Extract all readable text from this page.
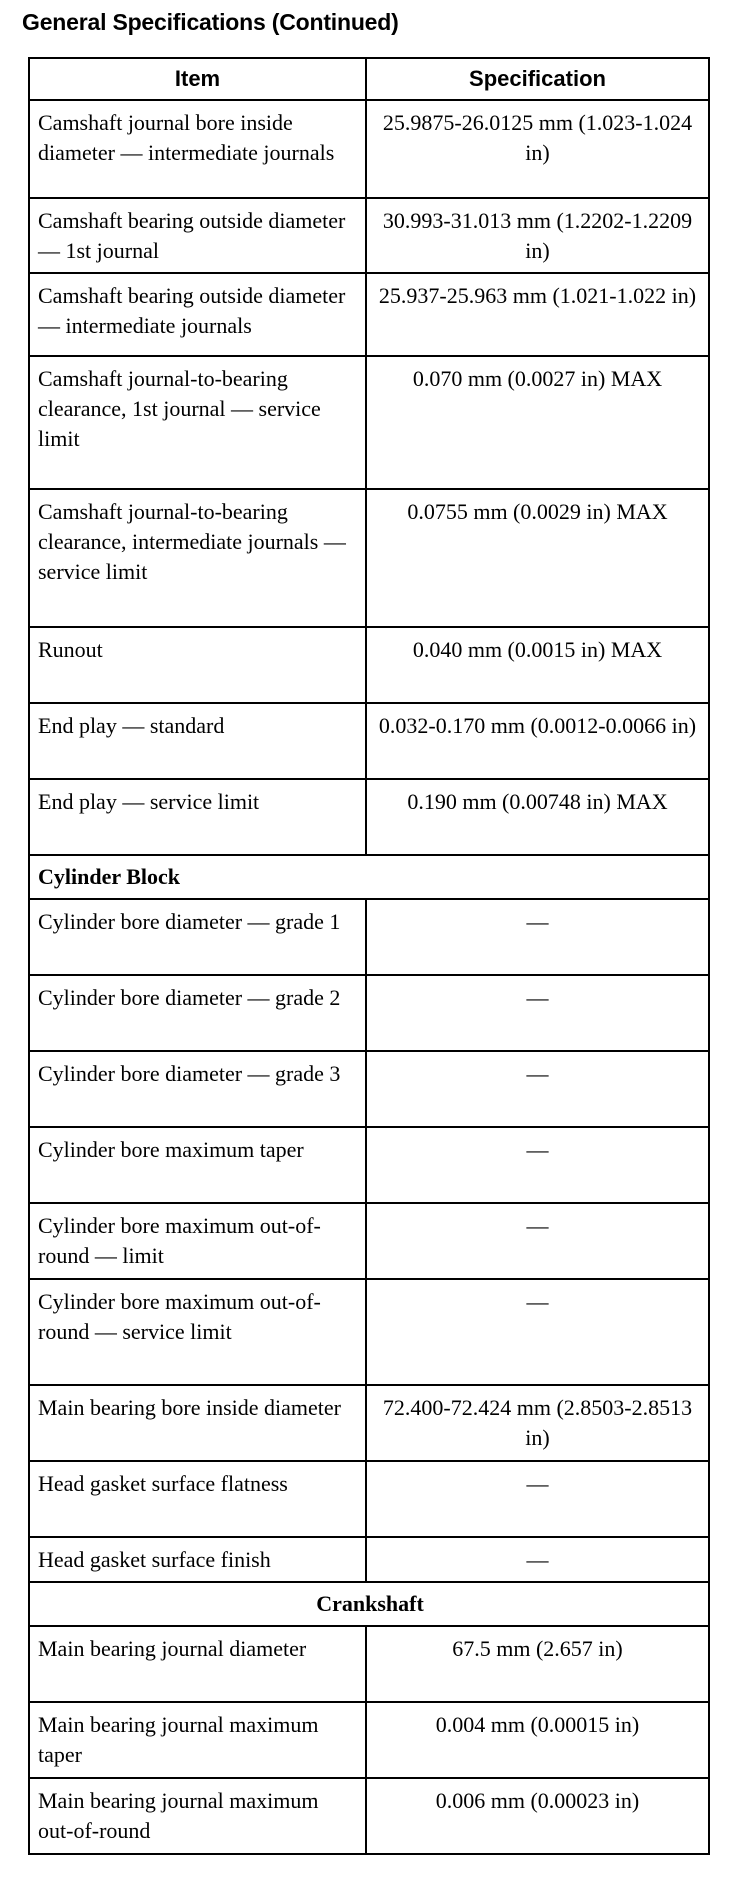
General Specifications (Continued)
Item	Specification
Camshaft journal bore inside diameter — intermediate journals	25.9875-26.0125 mm (1.023-1.024 in)
Camshaft bearing outside diameter — 1st journal	30.993-31.013 mm (1.2202-1.2209 in)
Camshaft bearing outside diameter — intermediate journals	25.937-25.963 mm (1.021-1.022 in)
Camshaft journal-to-bearing clearance, 1st journal — service limit	0.070 mm (0.0027 in) MAX
Camshaft journal-to-bearing clearance, intermediate journals — service limit	0.0755 mm (0.0029 in) MAX
Runout	0.040 mm (0.0015 in) MAX
End play — standard	0.032-0.170 mm (0.0012-0.0066 in)
End play — service limit	0.190 mm (0.00748 in) MAX
Cylinder Block	
Cylinder bore diameter — grade 1	—
Cylinder bore diameter — grade 2	—
Cylinder bore diameter — grade 3	—
Cylinder bore maximum taper	—
Cylinder bore maximum out-of-round — limit	—
Cylinder bore maximum out-of-round — service limit	—
Main bearing bore inside diameter	72.400-72.424 mm (2.8503-2.8513 in)
Head gasket surface flatness	—
Head gasket surface finish	—
Crankshaft	
Main bearing journal diameter	67.5 mm (2.657 in)
Main bearing journal maximum taper	0.004 mm (0.00015 in)
Main bearing journal maximum out-of-round	0.006 mm (0.00023 in)
